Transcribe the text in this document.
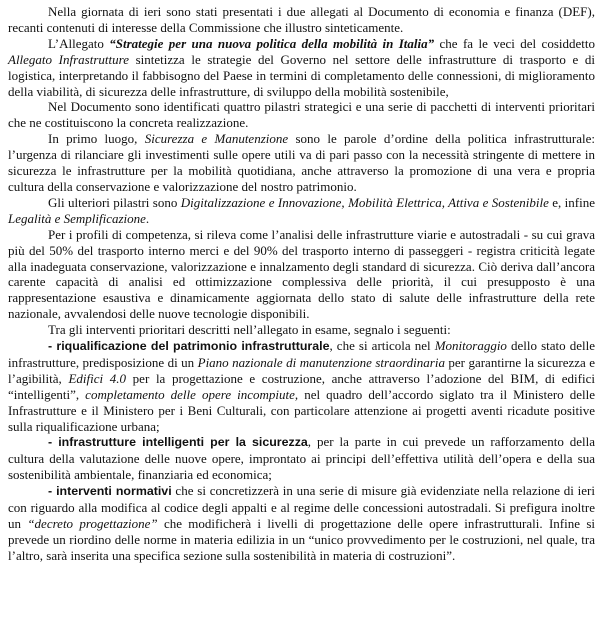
Nella giornata di ieri sono stati presentati i due allegati al Documento di economia e finanza (DEF), recanti contenuti di interesse della Commissione che illustro sinteticamente.

L’Allegato “Strategie per una nuova politica della mobilità in Italia” che fa le veci del cosiddetto Allegato Infrastrutture sintetizza le strategie del Governo nel settore delle infrastrutture di trasporto e di logistica, interpretando il fabbisogno del Paese in termini di completamento delle connessioni, di miglioramento della viabilità, di sicurezza delle infrastrutture, di sviluppo della mobilità sostenibile,

Nel Documento sono identificati quattro pilastri strategici e una serie di pacchetti di interventi prioritari che ne costituiscono la concreta realizzazione.

In primo luogo, Sicurezza e Manutenzione sono le parole d’ordine della politica infrastrutturale: l’urgenza di rilanciare gli investimenti sulle opere utili va di pari passo con la necessità stringente di mettere in sicurezza le infrastrutture per la mobilità quotidiana, anche attraverso la promozione di una vera e propria cultura della conservazione e valorizzazione del nostro patrimonio.

Gli ulteriori pilastri sono Digitalizzazione e Innovazione, Mobilità Elettrica, Attiva e Sostenibile e, infine Legalità e Semplificazione.

Per i profili di competenza, si rileva come l’analisi delle infrastrutture viarie e autostradali - su cui grava più del 50% del trasporto interno merci e del 90% del trasporto interno di passeggeri - registra criticità legate alla inadeguata conservazione, valorizzazione e innalzamento degli standard di sicurezza. Ciò deriva dall’ancora carente capacità di analisi ed ottimizzazione complessiva delle priorità, il cui presupposto è una rappresentazione esaustiva e dinamicamente aggiornata dello stato di salute delle infrastrutture della rete nazionale, avvalendosi delle nuove tecnologie disponibili.

Tra gli interventi prioritari descritti nell’allegato in esame, segnalo i seguenti:

- riqualificazione del patrimonio infrastrutturale, che si articola nel Monitoraggio dello stato delle infrastrutture, predisposizione di un Piano nazionale di manutenzione straordinaria per garantirne la sicurezza e l’agibilità, Edifici 4.0 per la progettazione e costruzione, anche attraverso l’adozione del BIM, di edifici “intelligenti”, completamento delle opere incompiute, nel quadro dell’accordo siglato tra il Ministero delle Infrastrutture e il Ministero per i Beni Culturali, con particolare attenzione ai progetti aventi ricadute positive sulla riqualificazione urbana;

- infrastrutture intelligenti per la sicurezza, per la parte in cui prevede un rafforzamento della cultura della valutazione delle nuove opere, improntato ai principi dell’effettiva utilità dell’opera e della sua sostenibilità ambientale, finanziaria ed economica;

- interventi normativi che si concretizzerà in una serie di misure già evidenziate nella relazione di ieri con riguardo alla modifica al codice degli appalti e al regime delle concessioni autostradali. Si prefigura inoltre un “decreto progettazione” che modificherà i livelli di progettazione delle opere infrastrutturali. Infine si prevede un riordino delle norme in materia edilizia in un “unico provvedimento per le costruzioni, nel quale, tra l’altro, sarà inserita una specifica sezione sulla sostenibilità in materia di costruzioni”.
